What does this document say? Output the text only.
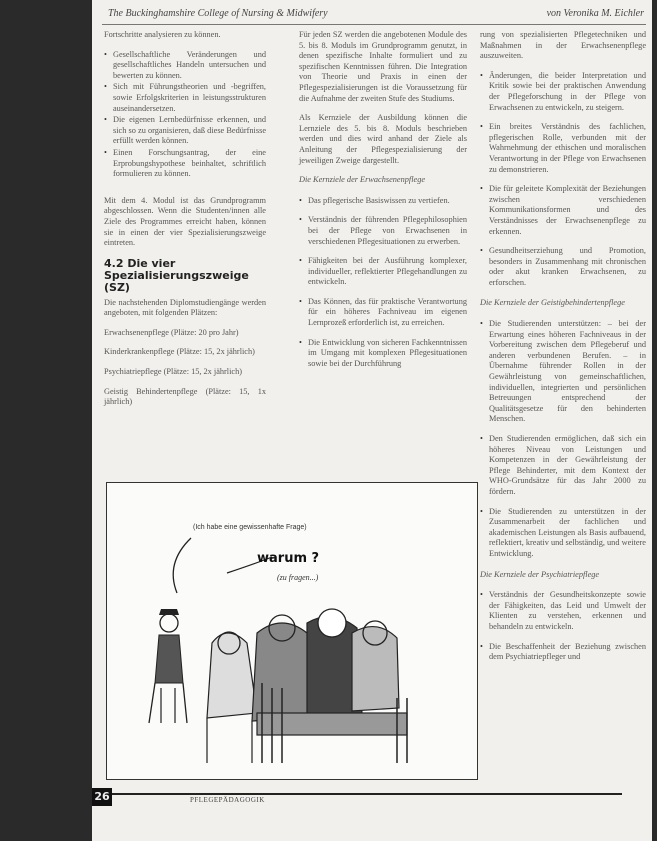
The Buckinghamshire College of Nursing & Midwifery	von Veronika M. Eichler

Fortschritte analysieren zu können.

• Gesellschaftliche Veränderungen und gesellschaftliches Handeln untersuchen und bewerten zu können.
• Sich mit Führungstheorien und -begriffen, sowie Erfolgskriterien in leistungsstrukturen auseinandersetzen.
• Die eigenen Lernbedürfnisse erkennen, und sich so zu organisieren, daß diese Bedürfnisse erfüllt werden können.
• Einen Forschungsantrag, der eine Erprobungshypothese beinhaltet, schriftlich formulieren zu können.

Mit dem 4. Modul ist das Grundprogramm abgeschlossen. Wenn die Studenten/innen alle Ziele des Programmes erreicht haben, können sie in einen der vier Spezialisierungszweige eintreten.

4.2 Die vier Spezialisierungszweige (SZ)

Die nachstehenden Diplomstudiengänge werden angeboten, mit folgenden Plätzen:

Erwachsenenpflege (Plätze: 20 pro Jahr)

Kinderkrankenpflege (Plätze: 15, 2x jährlich)

Psychiatriepflege (Plätze: 15, 2x jährlich)

Geistig Behindertenpflege (Plätze: 15, 1x jährlich)

Für jeden SZ werden die angebotenen Module des 5. bis 8. Moduls im Grundprogramm genutzt, in denen spezifische Inhalte formuliert und zu spezifischen Kenntnissen führen. Die Integration von Theorie und Praxis in einen der Pflegespezialisierungen ist die Voraussetzung für die Aufnahme der zweiten Stufe des Studiums.

Als Kernziele der Ausbildung können die Lernziele des 5. bis 8. Moduls beschrieben werden und dies wird anhand der Ziele als Anleitung der Pflegespezialisierung der jeweiligen Zweige dargestellt.

Die Kernziele der Erwachsenenpflege
• Das pflegerische Basiswissen zu vertiefen.
• Verständnis der führenden Pflegephilosophien bei der Pflege von Erwachsenen in verschiedenen Pflegesituationen zu erwerben.
• Fähigkeiten bei der Ausführung komplexer, individueller, reflektierter Pflegehandlungen zu entwickeln.
• Das Können, das für praktische Verantwortung für ein höheres Fachniveau im eigenen Lernprozeß erforderlich ist, zu erreichen.
• Die Entwicklung von sicheren Fachkenntnissen im Umgang mit komplexen Pflegesituationen sowie bei der Durchführung

rung von spezialisierten Pflegetechniken und Maßnahmen in der Erwachsenenpflege auszuweiten.

• Änderungen, die beider Interpretation und Kritik sowie bei der praktischen Anwendung der Pflegeforschung in der Pflege von Erwachsenen zu entwickeln, zu steigern.
• Ein breites Verständnis des fachlichen, pflegerischen Rolle, verbunden mit der Wahrnehmung der ethischen und moralischen Verantwortung in der Pflege von Erwachsenen zu demonstrieren.
• Die für geleitete Komplexität der Beziehungen zwischen verschiedenen Kommunikationsformen und des Verständnisses der Erwachsenenpflege zu erkennen.
• Gesundheitserziehung und Promotion, besonders in Zusammenhang mit chronischen oder akut kranken Erwachsenen, zu erforschen.
Die Kernziele der Geistigbehindertenpflege
• Die Studierenden unterstützen: – bei der Erwartung eines höheren Fachniveaus in der Vorbereitung zwischen dem Pflegeberuf und anderen verbundenen Berufen. – in Übernahme führender Rollen in der Gewährleistung von gemeinschaftlichen, individuellen, integrierten und persönlichen Betreuungen entsprechend der Qualitätsgesetze für den behinderten Menschen.
• Den Studierenden ermöglichen, daß sich ein höheres Niveau von Leistungen und Kompetenzen in der Gewährleistung der Pflege Behinderter, mit dem Kontext der WHO-Grundsätze für das Jahr 2000 zu fördern.
• Die Studierenden zu unterstützen in der Zusammenarbeit der fachlichen und akademischen Leistungen als Basis aufbauend, reflektiert, kreativ und selbständig, und weitere Entwicklung.
Die Kernziele der Psychiatriepflege
• Verständnis der Gesundheitskonzepte sowie der Fähigkeiten, das Leid und Umwelt der Klienten zu verstehen, erkennen und behandeln zu entwickeln.
• Die Beschaffenheit der Beziehung zwischen dem Psychiatriepfleger und
(Ich habe eine gewissenhafte Frage)
warum ?
(zu fragen...)
26	PFLEGEPÄDAGOGIK
